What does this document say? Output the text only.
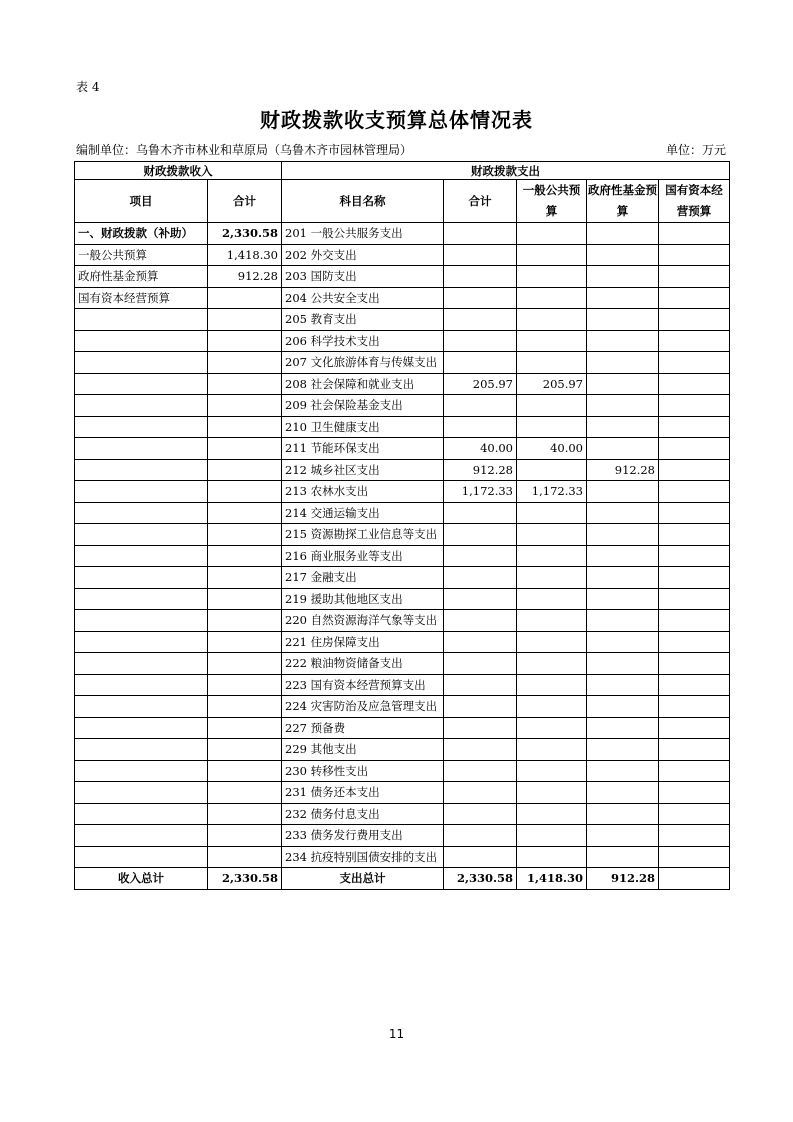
表 4
财政拨款收支预算总体情况表
编制单位：乌鲁木齐市林业和草原局（乌鲁木齐市园林管理局）	单位：万元
财政拨款收入		财政拨款支出				
项目	合计	科目名称	合计	一般公共预算	政府性基金预算	国有资本经营预算
一、财政拨款（补助）	2,330.58	201 一般公共服务支出				
一般公共预算	1,418.30	202 外交支出				
政府性基金预算	912.28	203 国防支出				
国有资本经营预算		204 公共安全支出				
		205 教育支出				
		206 科学技术支出				
		207 文化旅游体育与传媒支出				
		208 社会保障和就业支出	205.97	205.97		
		209 社会保险基金支出				
		210 卫生健康支出				
		211 节能环保支出	40.00	40.00		
		212 城乡社区支出	912.28		912.28	
		213 农林水支出	1,172.33	1,172.33		
		214 交通运输支出				
		215 资源勘探工业信息等支出				
		216 商业服务业等支出				
		217 金融支出				
		219 援助其他地区支出				
		220 自然资源海洋气象等支出				
		221 住房保障支出				
		222 粮油物资储备支出				
		223 国有资本经营预算支出				
		224 灾害防治及应急管理支出				
		227 预备费				
		229 其他支出				
		230 转移性支出				
		231 债务还本支出				
		232 债务付息支出				
		233 债务发行费用支出				
		234 抗疫特别国债安排的支出				
收入总计	2,330.58	支出总计	2,330.58	1,418.30	912.28	
11
